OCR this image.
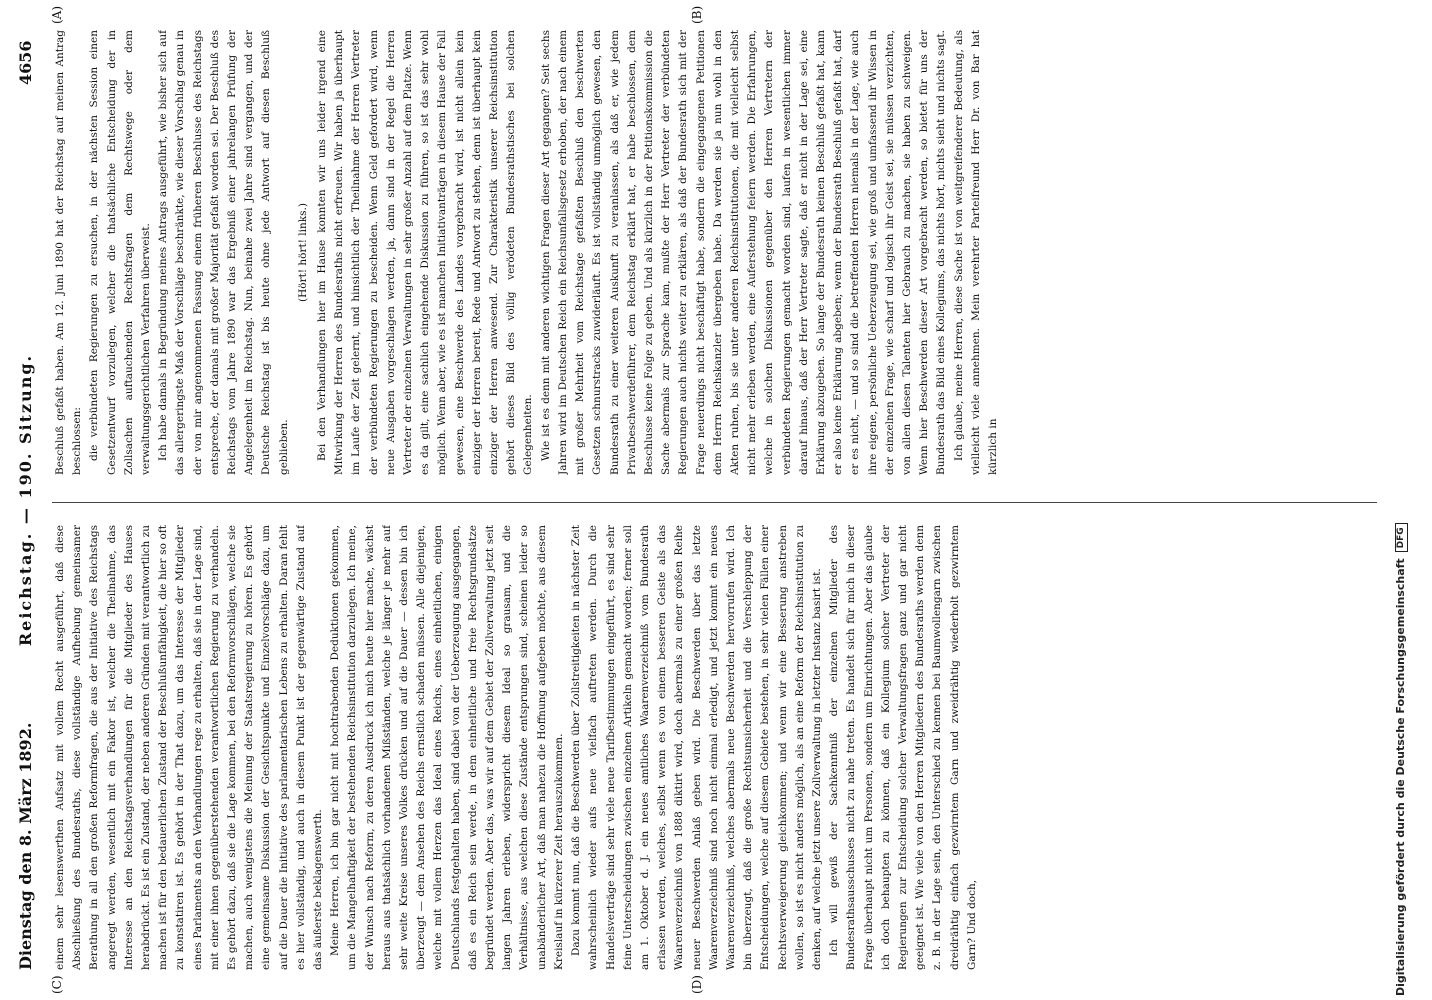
Dienstag den 8. März 1892.
Reichstag. — 190. Sitzung.
4656
(A)	(B)
(C)	(D)

Beschluß gefaßt haben. Am 12. Juni 1890 hat der Reichstag auf meinen Antrag beschlossen: die verbündeten Regierungen zu ersuchen, in der nächsten Session einen Gesetzentwurf vorzulegen, welcher die thatsächliche Entscheidung der in Zollsachen auftauchenden Rechtsfragen dem Rechtswege oder dem verwaltungsgerichtlichen Verfahren überweist. Ich habe damals in Begründung meines Antrags ausgeführt, wie bisher sich auf das allergeringste Maß der Vorschläge beschränkte, wie dieser Vorschlag genau in der von mir angenommenen Fassung einem früheren Beschlusse des Reichstags entspreche, der damals mit großer Majorität gefaßt worden sei. Der Beschluß des Reichstags vom Jahre 1890 war das Ergebniß einer jahrelangen Prüfung der Angelegenheit im Reichstag. Nun, beinahe zwei Jahre sind vergangen, und der Deutsche Reichstag ist bis heute ohne jede Antwort auf diesen Beschluß geblieben.

(Hört! hört! links.) Bei den Verhandlungen hier im Hause konnten wir uns leider irgend eine Mitwirkung der Herren des Bundesraths nicht erfreuen. Wir haben ja überhaupt im Laufe der Zeit gelernt, und hinsichtlich der Theilnahme der Herren Vertreter der verbündeten Regierungen zu bescheiden. Wenn Geld gefordert wird, wenn neue Ausgaben vorgeschlagen werden, ja, dann sind in der Regel die Herren Vertreter der einzelnen Verwaltungen in sehr großer Anzahl auf dem Platze. Wenn es da gilt, eine sachlich eingehende Diskussion zu führen, so ist das sehr wohl möglich. Wenn aber, wie es ist manchen Initiativanträgen in diesem Hause der Fall gewesen, eine Beschwerde des Landes vorgebracht wird, ist nicht allein kein einziger der Herren bereit, Rede und Antwort zu stehen, denn ist überhaupt kein einziger der Herren anwesend. Zur Charakteristik unserer Reichsinstitution gehört dieses Bild des völlig verödeten Bundesrathstisches bei solchen Gelegenheiten. Wie ist es denn mit anderen wichtigen Fragen dieser Art gegangen? Seit sechs Jahren wird im Deutschen Reich ein Reichsunfallsgesetz erhoben, der nach einem mit großer Mehrheit vom Reichstage gefaßten Beschluß den beschwerten Gesetzen schnurstracks zuwiderläuft. Es ist vollständig unmöglich gewesen, den Bundesrath zu einer weiteren Auskunft zu veranlassen, als daß er, wie jedem Privatbeschwerdeführer, dem Reichstag erklärt hat, er habe beschlossen, dem Beschlusse keine Folge zu geben. Und als kürzlich in der Petitionskommission die Sache abermals zur Sprache kam, mußte der Herr Vertreter der verbündeten Regierungen auch nichts weiter zu erklären, als daß der Bundesrath sich mit der Frage neuerdings nicht beschäftigt habe, sondern die eingegangenen Petitionen dem Herrn Reichskanzler übergeben habe. Da werden sie ja nun wohl in den Akten ruhen, bis sie unter anderen Reichsinstitutionen, die mit vielleicht selbst nicht mehr erleben werden, eine Auferstehung feiern werden. Die Erfahrungen, welche in solchen Diskussionen gegenüber den Herren Vertretern der verbündeten Regierungen gemacht worden sind, laufen in wesentlichen immer darauf hinaus, daß der Herr Vertreter sagte, daß er nicht in der Lage sei, eine Erklärung abzugeben. So lange der Bundesrath keinen Beschluß gefaßt hat, kann er also keine Erklärung abgeben; wenn der Bundesrath Beschluß gefaßt hat, darf er es nicht, — und so sind die betreffenden Herren niemals in der Lage, wie auch ihre eigene, persönliche Ueberzeugung sei, wie groß und umfassend ihr Wissen in der einzelnen Frage, wie scharf und logisch ihr Geist sei, sie müssen verzichten, von allen diesen Talenten hier Gebrauch zu machen, sie haben zu schweigen. Wenn hier Beschwerden dieser Art vorgebracht werden, so bietet für uns der Bundesrath das Bild eines Kollegiums, das nichts hört, nichts sieht und nichts sagt. Ich glaube, meine Herren, diese Sache ist von weitgreifenderer Bedeutung, als vielleicht viele annehmen. Mein verehrter Parteifreund Herr Dr. von Bar hat kürzlich in

einem sehr lesenswerthen Aufsatz mit vollem Recht ausgeführt, daß diese Abschließung des Bundesraths, diese vollständige Aufhebung gemeinsamer Berathung in all den großen Reformfragen, die aus der Initiative des Reichstags angeregt werden, wesentlich mit ein Faktor ist, welcher die Theilnahme, das Interesse an den Reichstagsverhandlungen für die Mitglieder des Hauses herabdrückt. Es ist ein Zustand, der neben anderen Gründen mit verantwortlich zu machen ist für den bedauerlichen Zustand der Beschlußunfähigkeit, die hier so oft zu konstatiren ist. Es gehört in der That dazu, um das Interesse der Mitglieder eines Parlaments an den Verhandlungen rege zu erhalten, daß sie in der Lage sind, mit einer ihnen gegenüberstehenden verantwortlichen Regierung zu verhandeln. Es gehört dazu, daß sie die Lage kommen, bei den Reformvorschlägen, welche sie machen, auch wenigstens die Meinung der Staatsregierung zu hören. Es gehört eine gemeinsame Diskussion der Gesichtspunkte und Einzelvorschläge dazu, um auf die Dauer die Initiative des parlamentarischen Lebens zu erhalten. Daran fehlt es hier vollständig, und auch in diesem Punkt ist der gegenwärtige Zustand auf das äußerste beklagenswerth. Meine Herren, ich bin gar nicht mit hochtrabenden Deduktionen gekommen, um die Mangelhaftigkeit der bestehenden Reichsinstitution darzulegen. Ich meine, der Wunsch nach Reform, zu deren Ausdruck ich mich heute hier mache, wächst heraus aus thatsächlich vorhandenen Mißständen, welche je länger je mehr auf sehr weite Kreise unseres Volkes drücken und auf die Dauer — dessen bin ich überzeugt — dem Ansehen des Reichs ernstlich schaden müssen. Alle diejenigen, welche mit vollem Herzen das Ideal eines Reichs, eines einheitlichen, einigen Deutschlands festgehalten haben, sind dabei von der Ueberzeugung ausgegangen, daß es ein Reich sein werde, in dem einheitliche und freie Rechtsgrundsätze begründet werden. Aber das, was wir auf dem Gebiet der Zollverwaltung jetzt seit langen Jahren erleben, widerspricht diesem Ideal so grausam, und die Verhältnisse, aus welchen diese Zustände entsprungen sind, scheinen leider so unabänderlicher Art, daß man nahezu die Hoffnung aufgeben möchte, aus diesem Kreislauf in kürzerer Zeit herauszukommen. Dazu kommt nun, daß die Beschwerden über Zollstreitigkeiten in nächster Zeit wahrscheinlich wieder aufs neue vielfach auftreten werden. Durch die Handelsverträge sind sehr viele neue Tarifbestimmungen eingeführt, es sind sehr feine Unterscheidungen zwischen einzelnen Artikeln gemacht worden; ferner soll am 1. Oktober d. J. ein neues amtliches Waarenverzeichniß vom Bundesrath erlassen werden, welches, selbst wenn es von einem besseren Geiste als das Waarenverzeichniß von 1888 diktirt wird, doch abermals zu einer großen Reihe neuer Beschwerden Anlaß geben wird. Die Beschwerden über das letzte Waarenverzeichniß sind noch nicht einmal erledigt, und jetzt kommt ein neues Waarenverzeichniß, welches abermals neue Beschwerden hervorrufen wird. Ich bin überzeugt, daß die große Rechtsunsicherheit und die Verschleppung der Entscheidungen, welche auf diesem Gebiete bestehen, in sehr vielen Fällen einer Rechtsverweigerung gleichkommen; und wenn wir eine Besserung anstreben wollen, so ist es nicht anders möglich, als an eine Reform der Reichsinstitution zu denken, auf welche jetzt unsere Zollverwaltung in letzter Instanz basirt ist. Ich will gewiß der Sachkenntniß der einzelnen Mitglieder des Bundesrathsausschusses nicht zu nahe treten. Es handelt sich für mich in dieser Frage überhaupt nicht um Personen, sondern um Einrichtungen. Aber das glaube ich doch behaupten zu können, daß ein Kollegium solcher Vertreter der Regierungen zur Entscheidung solcher Verwaltungsfragen ganz und gar nicht geeignet ist. Wie viele von den Herren Mitgliedern des Bundesraths werden denn z. B. in der Lage sein, den Unterschied zu kennen bei Baumwollengarn zwischen dreidrähtig einfach gezwirntem Garn und zweidrähtig wiederholt gezwirntem Garn? Und doch,	Digitalisierung gefördert durch die Deutsche ForschungsgemeinschaftDFG
